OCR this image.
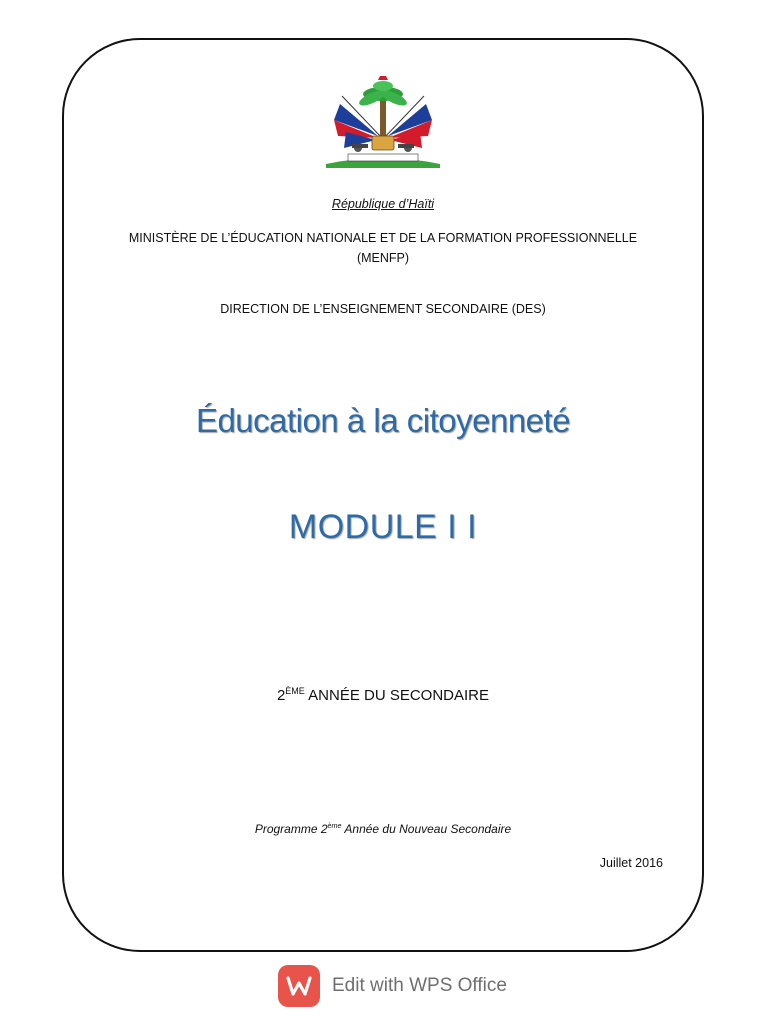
République d’Haïti
MINISTÈRE DE L’ÉDUCATION NATIONALE ET DE LA FORMATION PROFESSIONNELLE
(MENFP)
DIRECTION DE L’ENSEIGNEMENT SECONDAIRE (DES)
Éducation à la citoyenneté
MODULE I I
2ÈME ANNÉE DU SECONDAIRE
Programme 2ème Année du Nouveau Secondaire
Juillet 2016
Edit with WPS Office
